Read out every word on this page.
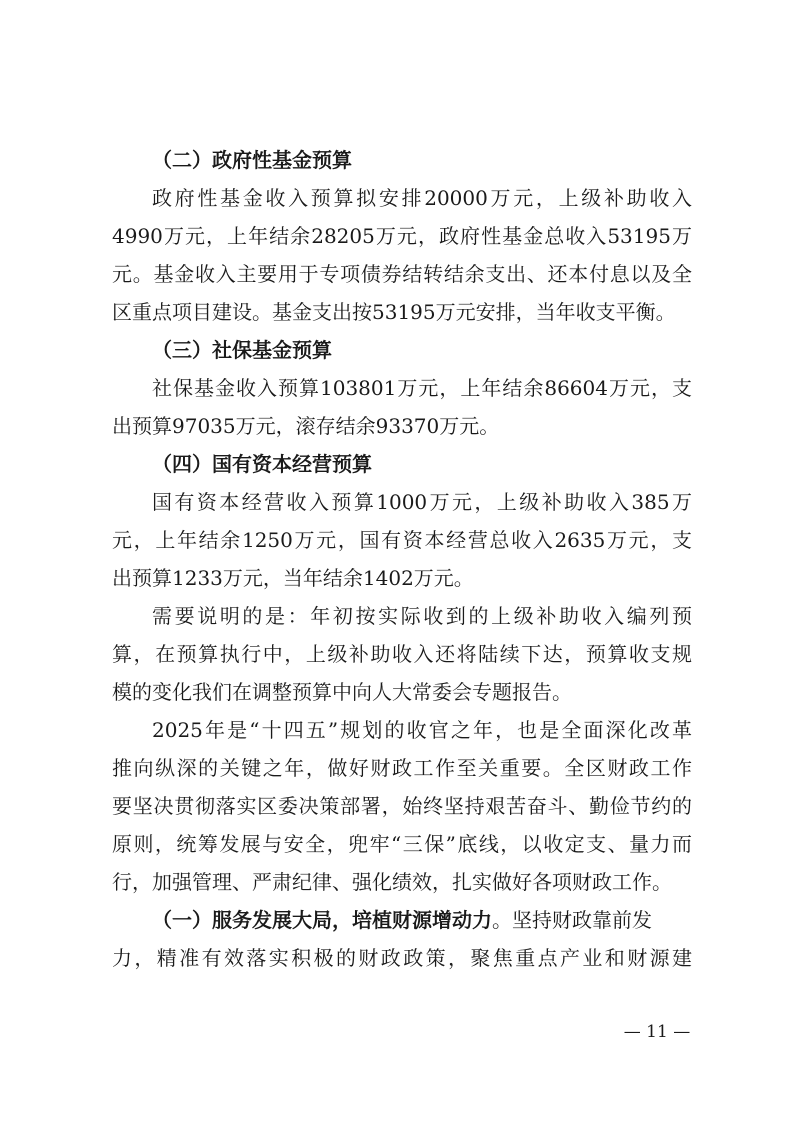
（二）政府性基金预算
政府性基金收入预算拟安排20000万元，上级补助收入
4990万元，上年结余28205万元，政府性基金总收入53195万
元。基金收入主要用于专项债券结转结余支出、还本付息以及全
区重点项目建设。基金支出按53195万元安排，当年收支平衡。
（三）社保基金预算
社保基金收入预算103801万元，上年结余86604万元，支
出预算97035万元，滚存结余93370万元。
（四）国有资本经营预算
国有资本经营收入预算1000万元，上级补助收入385万
元，上年结余1250万元，国有资本经营总收入2635万元，支
出预算1233万元，当年结余1402万元。
需要说明的是：年初按实际收到的上级补助收入编列预
算，在预算执行中，上级补助收入还将陆续下达，预算收支规
模的变化我们在调整预算中向人大常委会专题报告。
2025年是“十四五”规划的收官之年，也是全面深化改革
推向纵深的关键之年，做好财政工作至关重要。全区财政工作
要坚决贯彻落实区委决策部署，始终坚持艰苦奋斗、勤俭节约的
原则，统筹发展与安全，兜牢“三保”底线，以收定支、量力而
行，加强管理、严肃纪律、强化绩效，扎实做好各项财政工作。
（一）服务发展大局，培植财源增动力。坚持财政靠前发
力，精准有效落实积极的财政政策，聚焦重点产业和财源建
— 11 —
